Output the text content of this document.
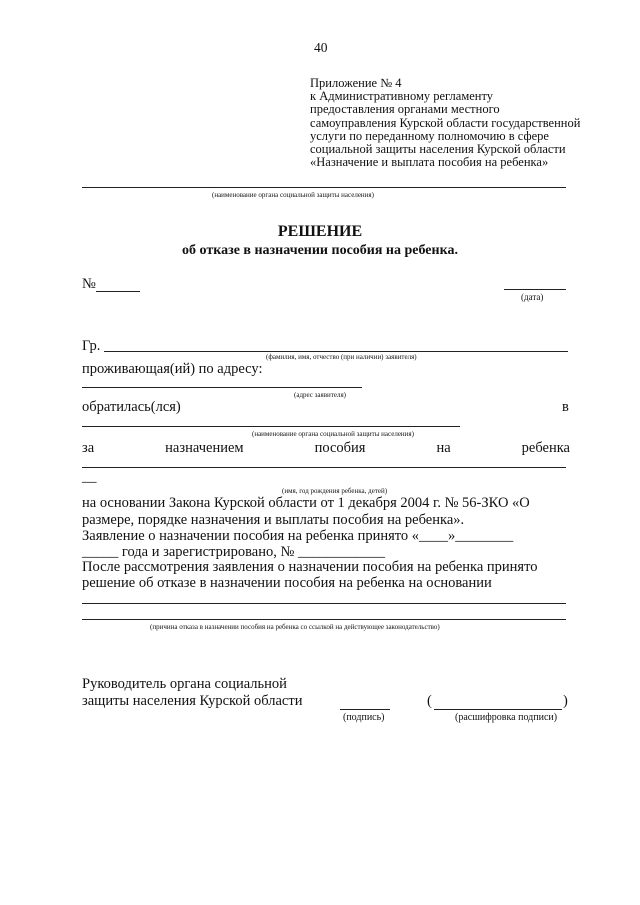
40
Приложение № 4
к Административному регламенту
предоставления органами местного
самоуправления Курской области государственной
услуги по переданному полномочию в сфере
социальной защиты населения Курской области
«Назначение и выплата пособия на ребенка»
(наименование органа социальной защиты населения)
РЕШЕНИЕ
об отказе в назначении пособия на ребенка.
№
(дата)
Гр.
(фамилия, имя, отчество (при наличии) заявителя)
проживающая(ий) по адресу:
(адрес заявителя)
обратилась(лся)	в
(наименование органа социальной защиты населения)
за	назначением	пособия	на	ребенка
—
(имя, год рождения ребенка, детей)
на основании Закона Курской области от 1 декабря 2004 г. № 56-ЗКО «О
размере, порядке назначения и выплаты пособия на ребенка».
Заявление о назначении пособия на ребенка принято «____»________
_____ года и зарегистрировано, № ____________
После рассмотрения заявления о назначении пособия на ребенка принято
решение об отказе в назначении пособия на ребенка на основании
(причина отказа в назначении пособия на ребенка со ссылкой на действующее законодательство)
Руководитель органа социальной
защиты населения Курской области
(подпись)
(	)
(расшифровка подписи)
